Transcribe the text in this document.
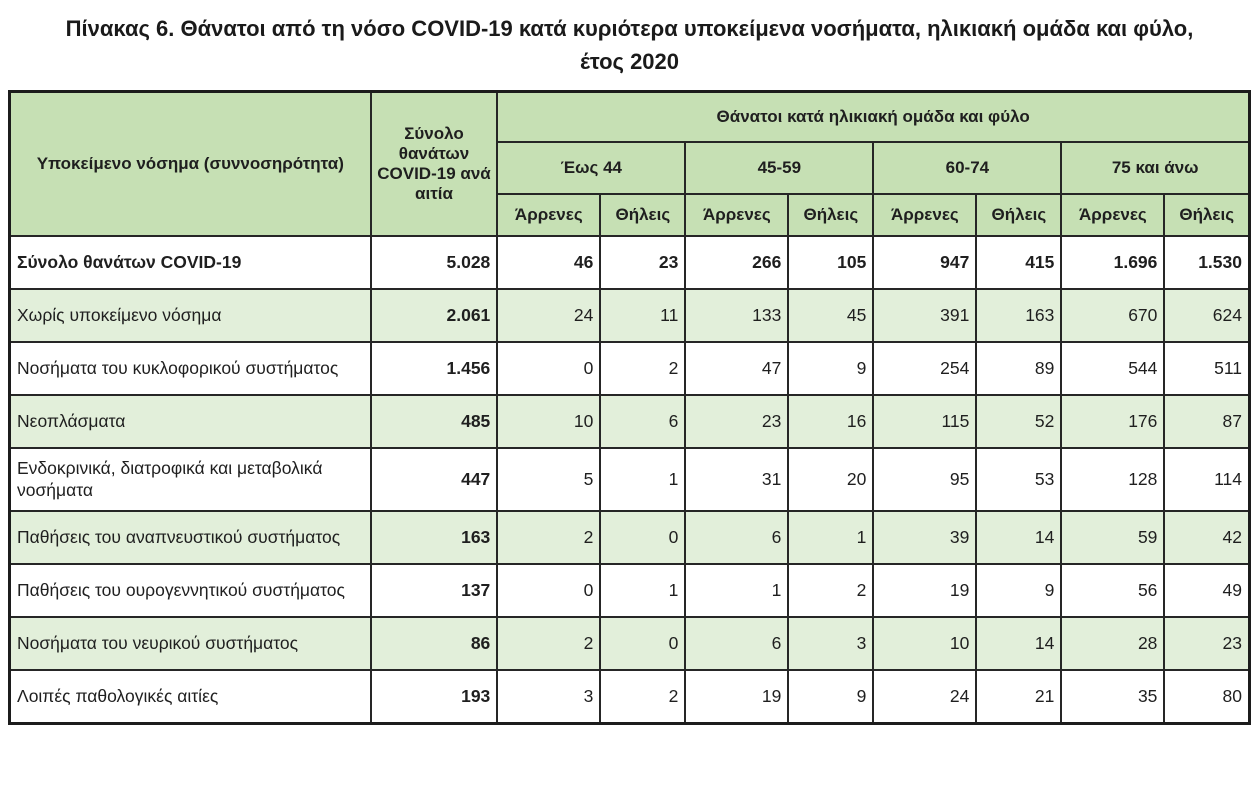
Πίνακας 6. Θάνατοι από τη νόσο COVID-19 κατά κυριότερα υποκείμενα νοσήματα, ηλικιακή ομάδα και φύλο, έτος 2020
Υποκείμενο νόσημα (συννοσηρότητα)	Σύνολο θανάτων COVID-19 ανά αιτία	Θάνατοι κατά ηλικιακή ομάδα και φύλο							
		Έως 44		45-59		60-74		75 και άνω	
		Άρρενες	Θήλεις	Άρρενες	Θήλεις	Άρρενες	Θήλεις	Άρρενες	Θήλεις
Σύνολο θανάτων COVID-19	5.028	46	23	266	105	947	415	1.696	1.530
Χωρίς υποκείμενο νόσημα	2.061	24	11	133	45	391	163	670	624
Νοσήματα του κυκλοφορικού συστήματος	1.456	0	2	47	9	254	89	544	511
Νεοπλάσματα	485	10	6	23	16	115	52	176	87
Ενδοκρινικά, διατροφικά και μεταβολικά νοσήματα	447	5	1	31	20	95	53	128	114
Παθήσεις του αναπνευστικού συστήματος	163	2	0	6	1	39	14	59	42
Παθήσεις του ουρογεννητικού συστήματος	137	0	1	1	2	19	9	56	49
Νοσήματα του νευρικού συστήματος	86	2	0	6	3	10	14	28	23
Λοιπές παθολογικές αιτίες	193	3	2	19	9	24	21	35	80
